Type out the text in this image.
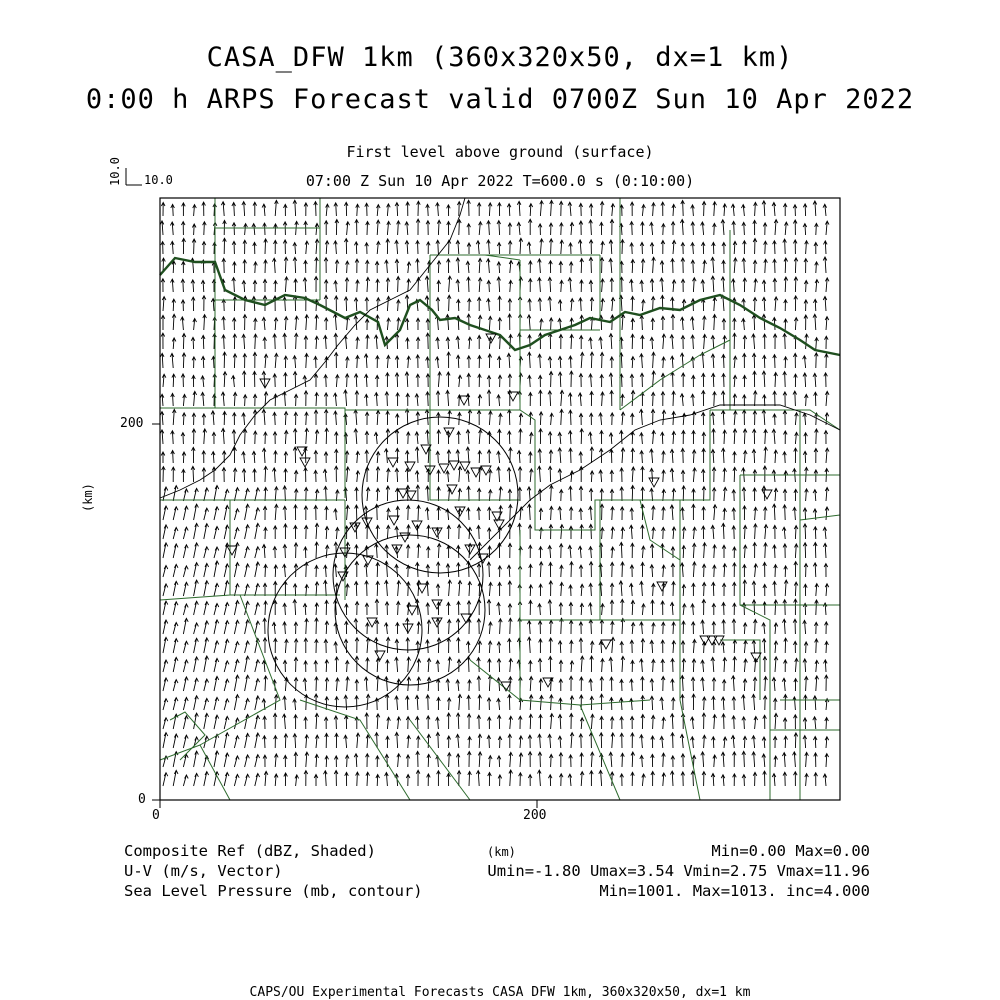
CASA_DFW 1km (360x320x50, dx=1 km)
0:00 h ARPS Forecast valid 0700Z Sun 10 Apr 2022
First level above ground (surface)
07:00 Z Sun 10 Apr 2022 T=600.0 s (0:10:00)
10.0 10.0
0	200
0
200
(km)
(km)
Composite Ref (dBZ, Shaded)	Min=0.00 Max=0.00
U-V (m/s, Vector)	Umin=-1.80 Umax=3.54 Vmin=2.75 Vmax=11.96
Sea Level Pressure (mb, contour)	Min=1001. Max=1013. inc=4.000
CAPS/OU Experimental Forecasts CASA DFW 1km, 360x320x50, dx=1 km
